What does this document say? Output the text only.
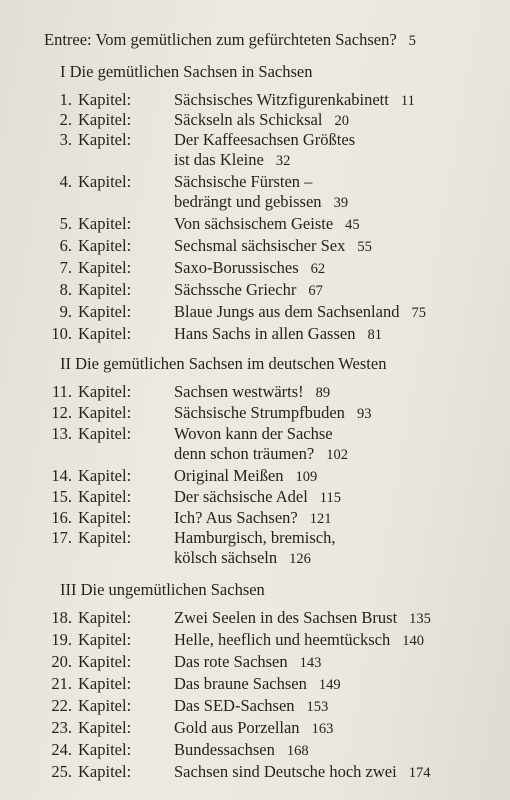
Entree: Vom gemütlichen zum gefürchteten Sachsen? 5
I Die gemütlichen Sachsen in Sachsen
1. Kapitel:	Sächsisches Witzfigurenkabinett 11
2. Kapitel:	Säckseln als Schicksal 20
3. Kapitel:	Der Kaffeesachsen Größtes
ist das Kleine 32
4. Kapitel:	Sächsische Fürsten –
bedrängt und gebissen 39
5. Kapitel:	Von sächsischem Geiste 45
6. Kapitel:	Sechsmal sächsischer Sex 55
7. Kapitel:	Saxo-Borussisches 62
8. Kapitel:	Sächssche Griechr 67
9. Kapitel:	Blaue Jungs aus dem Sachsenland 75
10. Kapitel:	Hans Sachs in allen Gassen 81
II Die gemütlichen Sachsen im deutschen Westen
11. Kapitel:	Sachsen westwärts! 89
12. Kapitel:	Sächsische Strumpfbuden 93
13. Kapitel:	Wovon kann der Sachse
denn schon träumen? 102
14. Kapitel:	Original Meißen 109
15. Kapitel:	Der sächsische Adel 115
16. Kapitel:	Ich? Aus Sachsen? 121
17. Kapitel:	Hamburgisch, bremisch,
kölsch sächseln 126
III Die ungemütlichen Sachsen
18. Kapitel:	Zwei Seelen in des Sachsen Brust 135
19. Kapitel:	Helle, heeflich und heemtücksch 140
20. Kapitel:	Das rote Sachsen 143
21. Kapitel:	Das braune Sachsen 149
22. Kapitel:	Das SED-Sachsen 153
23. Kapitel:	Gold aus Porzellan 163
24. Kapitel:	Bundessachsen 168
25. Kapitel:	Sachsen sind Deutsche hoch zwei 174
